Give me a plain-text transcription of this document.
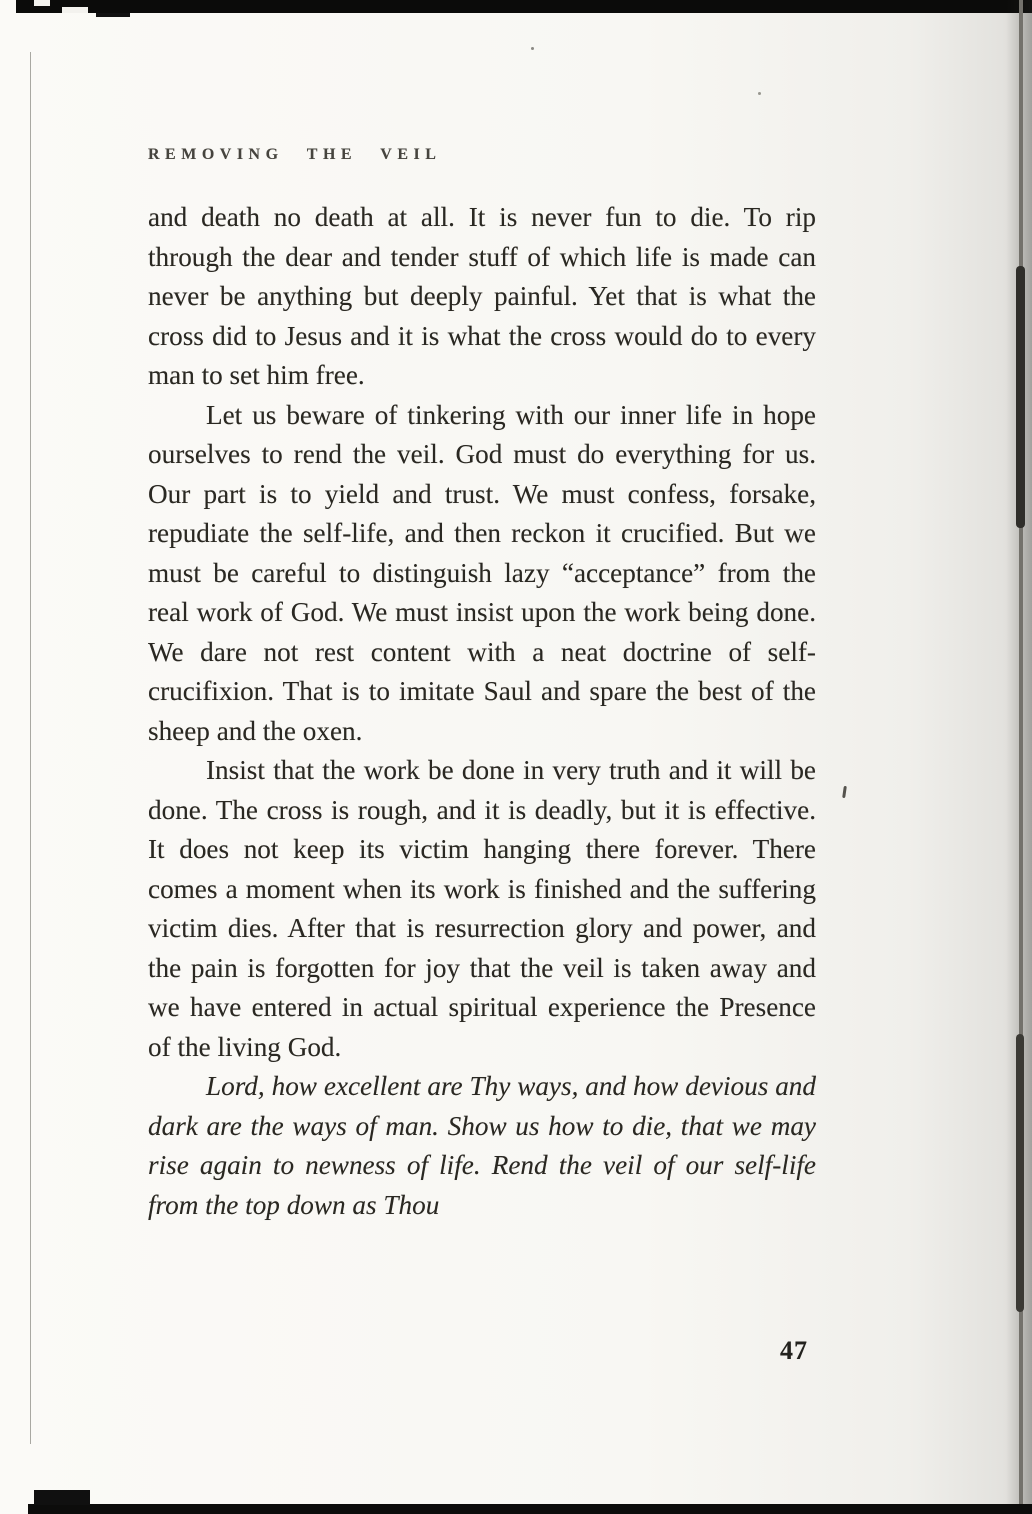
REMOVING THE VEIL

and death no death at all. It is never fun to die. To rip through the dear and tender stuff of which life is made can never be anything but deeply painful. Yet that is what the cross did to Jesus and it is what the cross would do to every man to set him free.

Let us beware of tinkering with our inner life in hope ourselves to rend the veil. God must do everything for us. Our part is to yield and trust. We must confess, forsake, repudiate the self-life, and then reckon it crucified. But we must be careful to distinguish lazy “acceptance” from the real work of God. We must insist upon the work being done. We dare not rest content with a neat doctrine of self-crucifixion. That is to imitate Saul and spare the best of the sheep and the oxen.

Insist that the work be done in very truth and it will be done. The cross is rough, and it is deadly, but it is effective. It does not keep its victim hanging there forever. There comes a moment when its work is finished and the suffering victim dies. After that is resurrection glory and power, and the pain is forgotten for joy that the veil is taken away and we have entered in actual spiritual experience the Presence of the living God.

Lord, how excellent are Thy ways, and how devious and dark are the ways of man. Show us how to die, that we may rise again to newness of life. Rend the veil of our self-life from the top down as Thou

47
